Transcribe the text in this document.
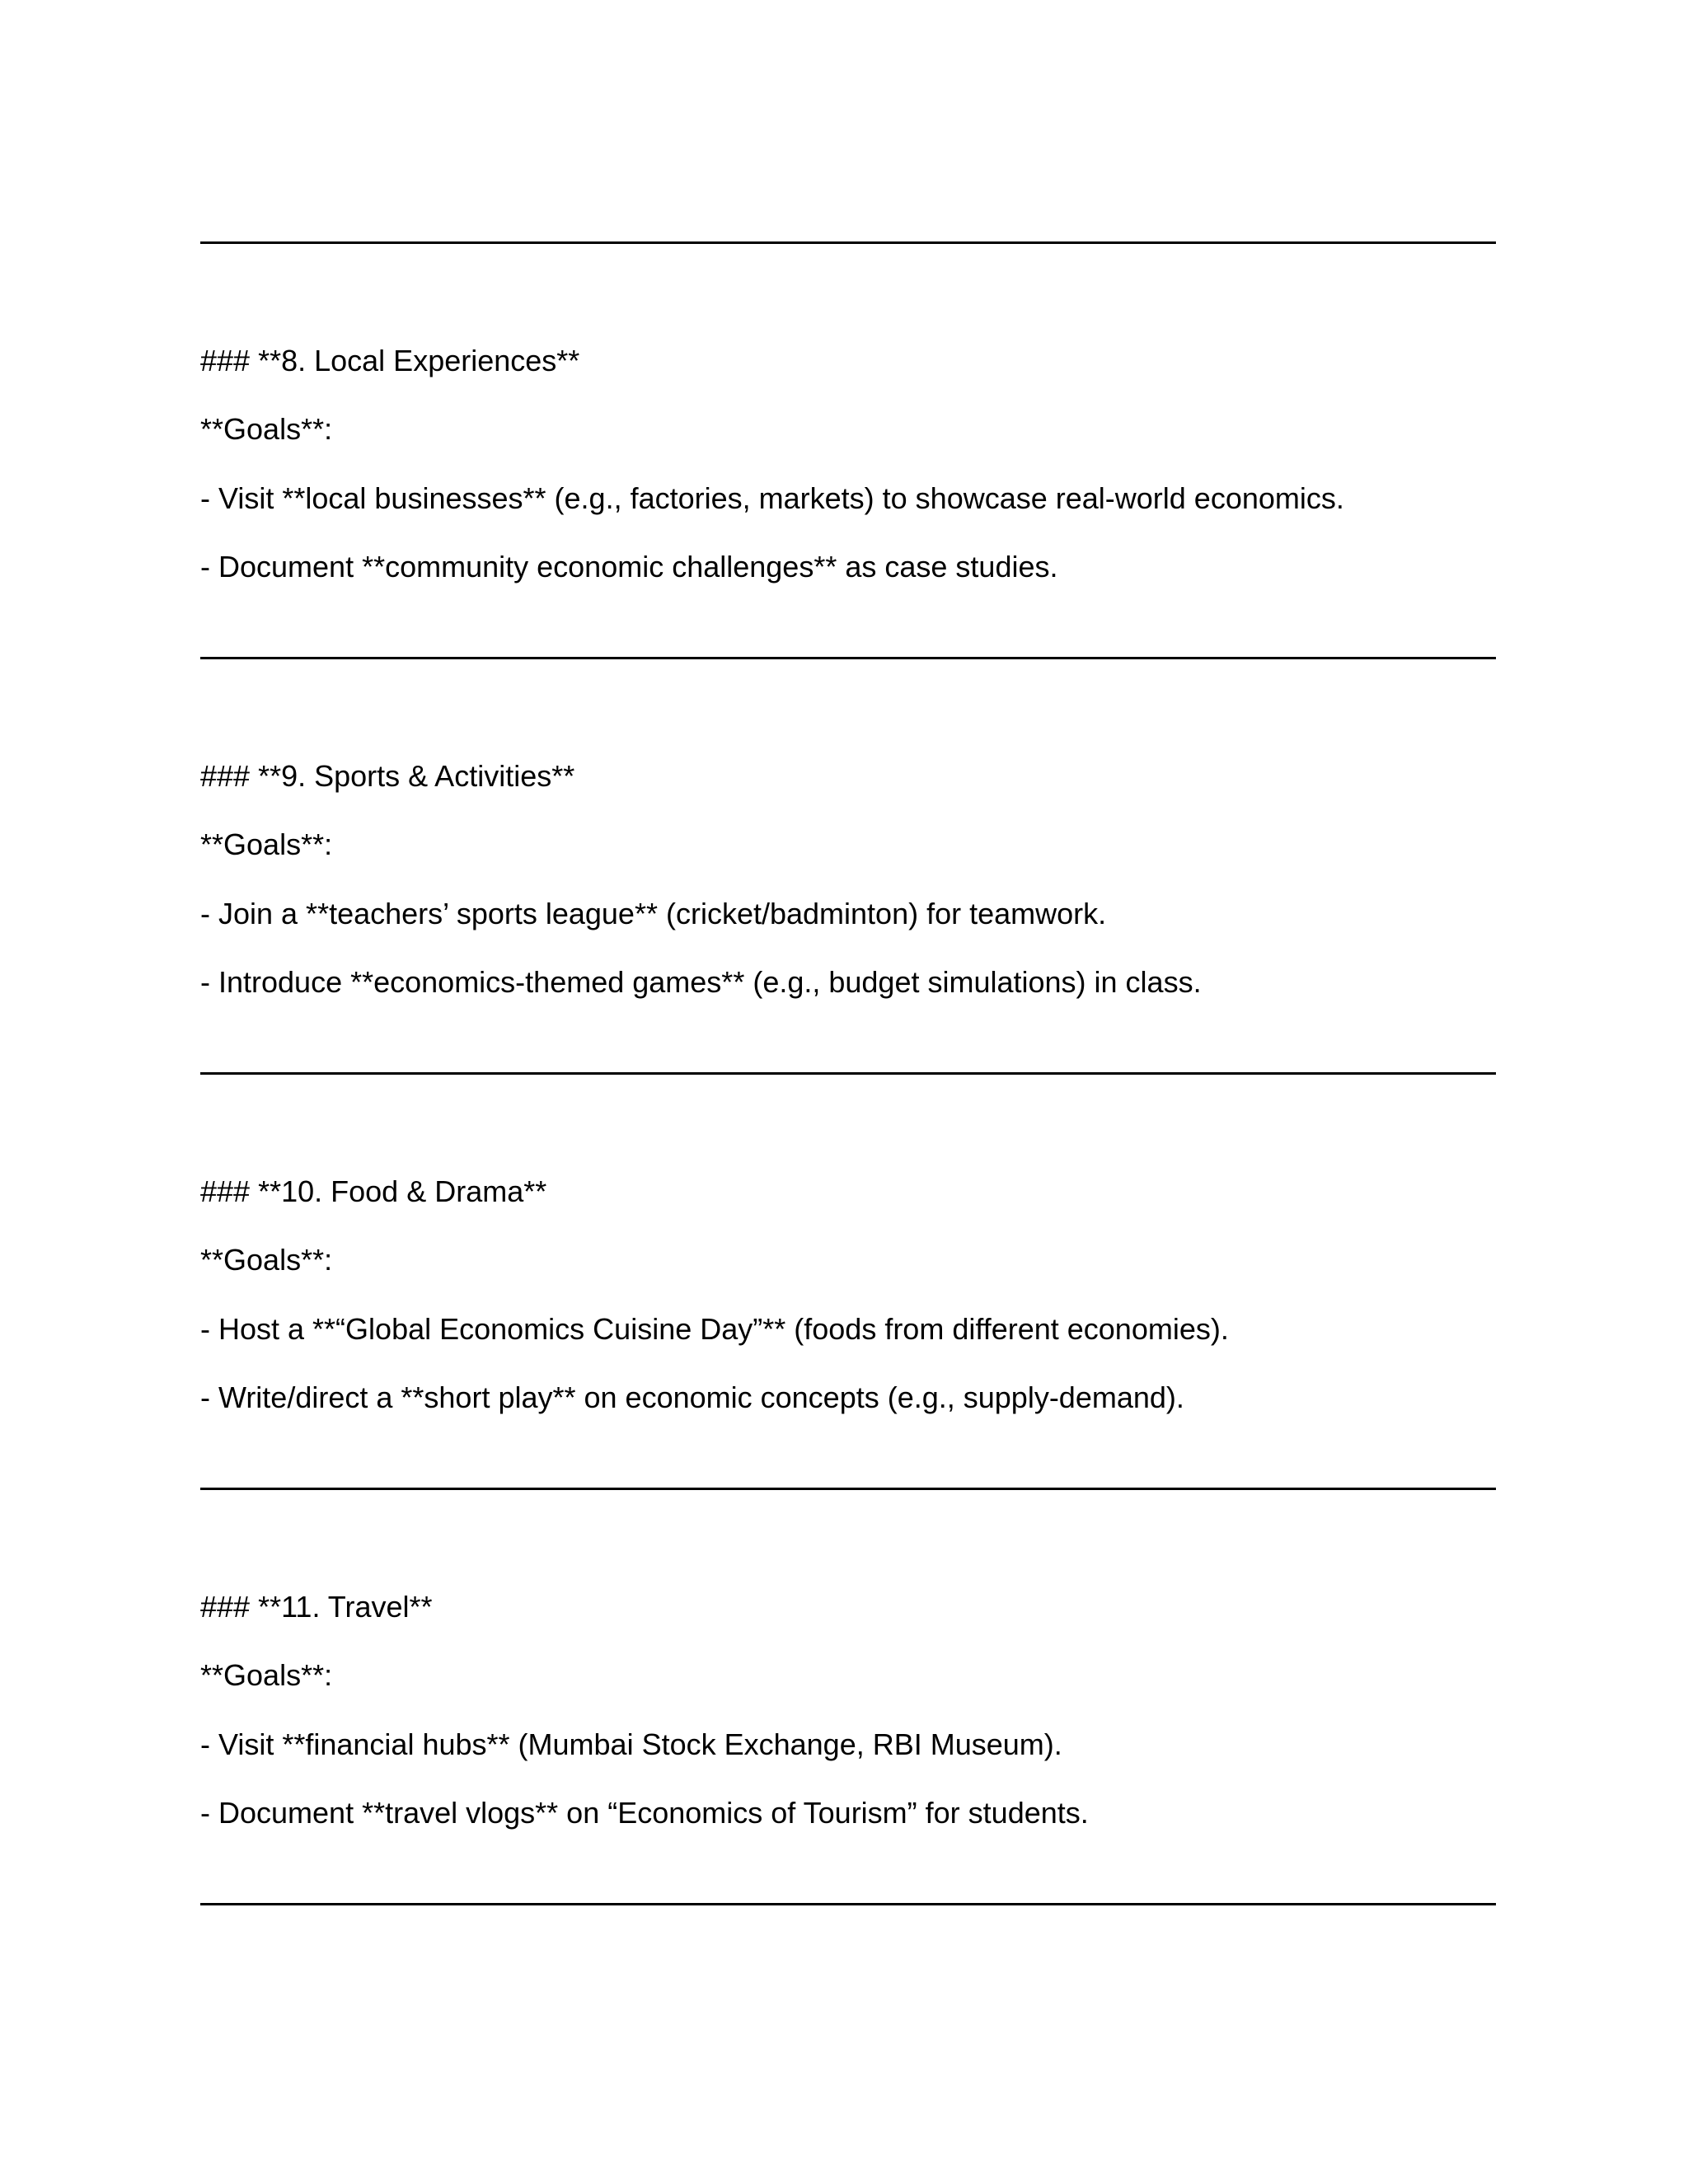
### **8. Local Experiences**
**Goals**:
- Visit **local businesses** (e.g., factories, markets) to showcase real-world economics.
- Document **community economic challenges** as case studies.
### **9. Sports & Activities**
**Goals**:
- Join a **teachers’ sports league** (cricket/badminton) for teamwork.
- Introduce **economics-themed games** (e.g., budget simulations) in class.
### **10. Food & Drama**
**Goals**:
- Host a **“Global Economics Cuisine Day”** (foods from different economies).
- Write/direct a **short play** on economic concepts (e.g., supply-demand).
### **11. Travel**
**Goals**:
- Visit **financial hubs** (Mumbai Stock Exchange, RBI Museum).
- Document **travel vlogs** on “Economics of Tourism” for students.
